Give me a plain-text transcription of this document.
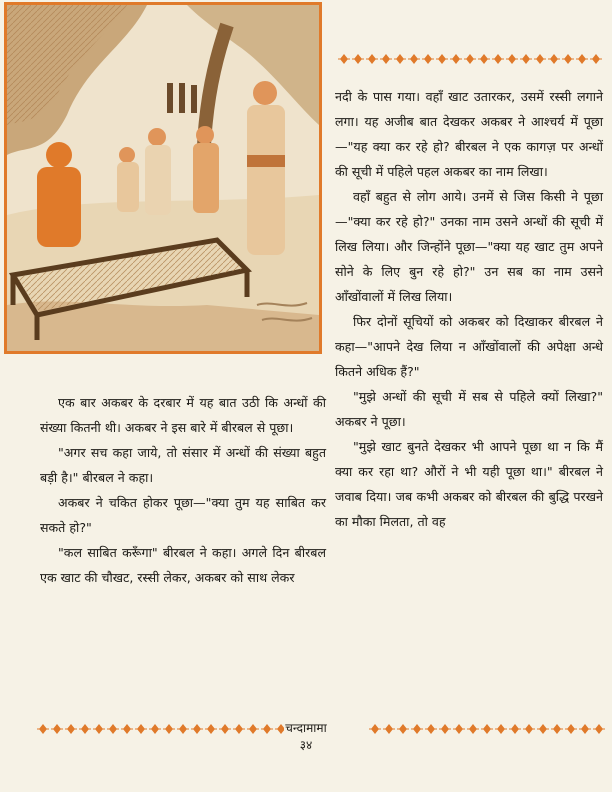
नदी के पास गया। वहाँ खाट उतारकर, उसमें रस्सी लगाने लगा। यह अजीब बात देखकर अकबर ने आश्चर्य में पूछा—"यह क्या कर रहे हो? बीरबल ने एक कागज़ पर अन्धों की सूची में पहिले पहल अकबर का नाम लिखा।

वहाँ बहुत से लोग आये। उनमें से जिस किसी ने पूछा—"क्या कर रहे हो?" उनका नाम उसने अन्धों की सूची में लिख लिया। और जिन्होंने पूछा—"क्या यह खाट तुम अपने सोने के लिए बुन रहे हो?" उन सब का नाम उसने आँखोंवालों में लिख लिया।

फिर दोनों सूचियों को अकबर को दिखाकर बीरबल ने कहा—"आपने देख लिया न आँखोंवालों की अपेक्षा अन्धे कितने अधिक हैं?"

"मुझे अन्धों की सूची में सब से पहिले क्यों लिखा?" अकबर ने पूछा।

"मुझे खाट बुनते देखकर भी आपने पूछा था न कि मैं क्या कर रहा था? औरों ने भी यही पूछा था।" बीरबल ने जवाब दिया। जब कभी अकबर को बीरबल की बुद्धि परखने का मौका मिलता, तो वह

एक बार अकबर के दरबार में यह बात उठी कि अन्धों की संख्या कितनी थी। अकबर ने इस बारे में बीरबल से पूछा।

"अगर सच कहा जाये, तो संसार में अन्धों की संख्या बहुत बड़ी है।" बीरबल ने कहा।

अकबर ने चकित होकर पूछा—"क्या तुम यह साबित कर सकते हो?"

"कल साबित करूँगा" बीरबल ने कहा। अगले दिन बीरबल एक खाट की चौखट, रस्सी लेकर, अकबर को साथ लेकर

चन्दामामा
३४
